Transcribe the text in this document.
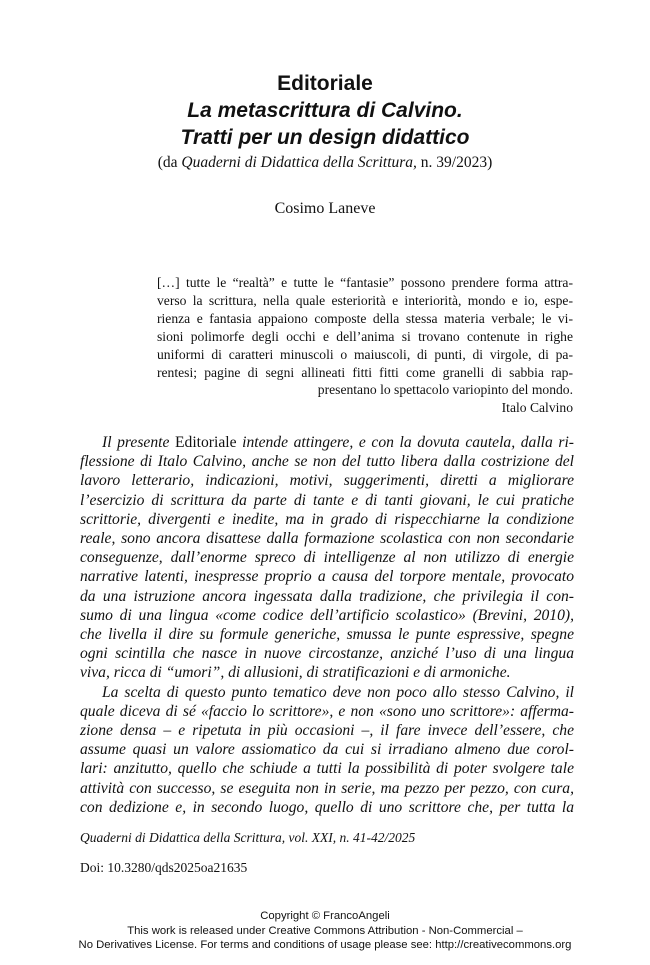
Editoriale
La metascrittura di Calvino.
Tratti per un design didattico
(da Quaderni di Didattica della Scrittura, n. 39/2023)
Cosimo Laneve
[…] tutte le “realtà” e tutte le “fantasie” possono prendere forma attra-
verso la scrittura, nella quale esteriorità e interiorità, mondo e io, espe-
rienza e fantasia appaiono composte della stessa materia verbale; le vi-
sioni polimorfe degli occhi e dell’anima si trovano contenute in righe
uniformi di caratteri minuscoli o maiuscoli, di punti, di virgole, di pa-
rentesi; pagine di segni allineati fitti fitti come granelli di sabbia rap-
presentano lo spettacolo variopinto del mondo.
Italo Calvino
Il presente Editoriale intende attingere, e con la dovuta cautela, dalla ri-
flessione di Italo Calvino, anche se non del tutto libera dalla costrizione del
lavoro letterario, indicazioni, motivi, suggerimenti, diretti a migliorare
l’esercizio di scrittura da parte di tante e di tanti giovani, le cui pratiche
scrittorie, divergenti e inedite, ma in grado di rispecchiarne la condizione
reale, sono ancora disattese dalla formazione scolastica con non secondarie
conseguenze, dall’enorme spreco di intelligenze al non utilizzo di energie
narrative latenti, inespresse proprio a causa del torpore mentale, provocato
da una istruzione ancora ingessata dalla tradizione, che privilegia il con-
sumo di una lingua «come codice dell’artificio scolastico» (Brevini, 2010),
che livella il dire su formule generiche, smussa le punte espressive, spegne
ogni scintilla che nasce in nuove circostanze, anziché l’uso di una lingua
viva, ricca di “umori”, di allusioni, di stratificazioni e di armoniche.
La scelta di questo punto tematico deve non poco allo stesso Calvino, il
quale diceva di sé «faccio lo scrittore», e non «sono uno scrittore»: afferma-
zione densa – e ripetuta in più occasioni –, il fare invece dell’essere, che
assume quasi un valore assiomatico da cui si irradiano almeno due corol-
lari: anzitutto, quello che schiude a tutti la possibilità di poter svolgere tale
attività con successo, se eseguita non in serie, ma pezzo per pezzo, con cura,
con dedizione e, in secondo luogo, quello di uno scrittore che, per tutta la
Quaderni di Didattica della Scrittura, vol. XXI, n. 41-42/2025
Doi: 10.3280/qds2025oa21635
Copyright © FrancoAngeli
This work is released under Creative Commons Attribution - Non-Commercial –
No Derivatives License. For terms and conditions of usage please see: http://creativecommons.org
